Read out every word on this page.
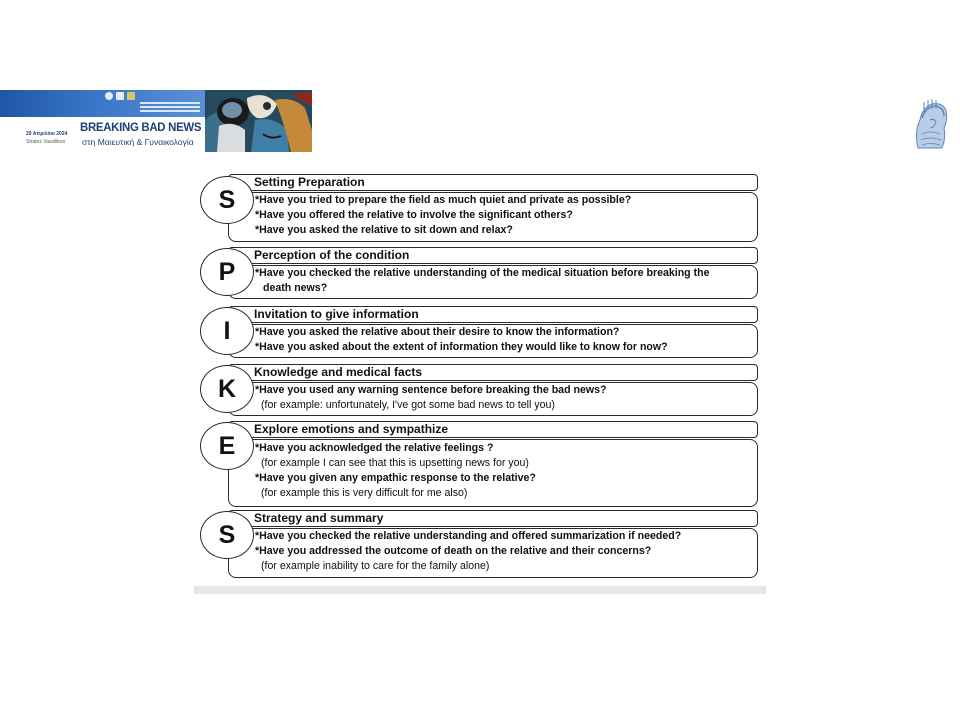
20 Απριλίου 2024
Stratos Vassilikos
BREAKING BAD NEWS
στη Μαιευτική & Γυναικολογία
S
Setting Preparation
*Have you tried to prepare the field as much quiet and private as possible?
*Have you offered the relative to involve the significant others?
*Have you asked the relative to sit down and relax?
P
Perception of the condition
*Have you checked the relative understanding of the medical situation before breaking the
death news?
I
Invitation to give information
*Have you asked the relative about their desire to know the information?
*Have you asked about the extent of information they would like to know for now?
K
Knowledge and medical facts
*Have you used any warning sentence before breaking the bad news?
(for example: unfortunately, I've got some bad news to tell you)
E
Explore emotions and sympathize
*Have you acknowledged the relative feelings ?
(for example I can see that this is upsetting news for you)
*Have you given any empathic response to the relative?
(for example this is very difficult for me also)
S
Strategy and summary
*Have you checked the relative understanding and offered summarization if needed?
*Have you addressed the outcome of death on the relative and their concerns?
(for example inability to care for the family alone)
